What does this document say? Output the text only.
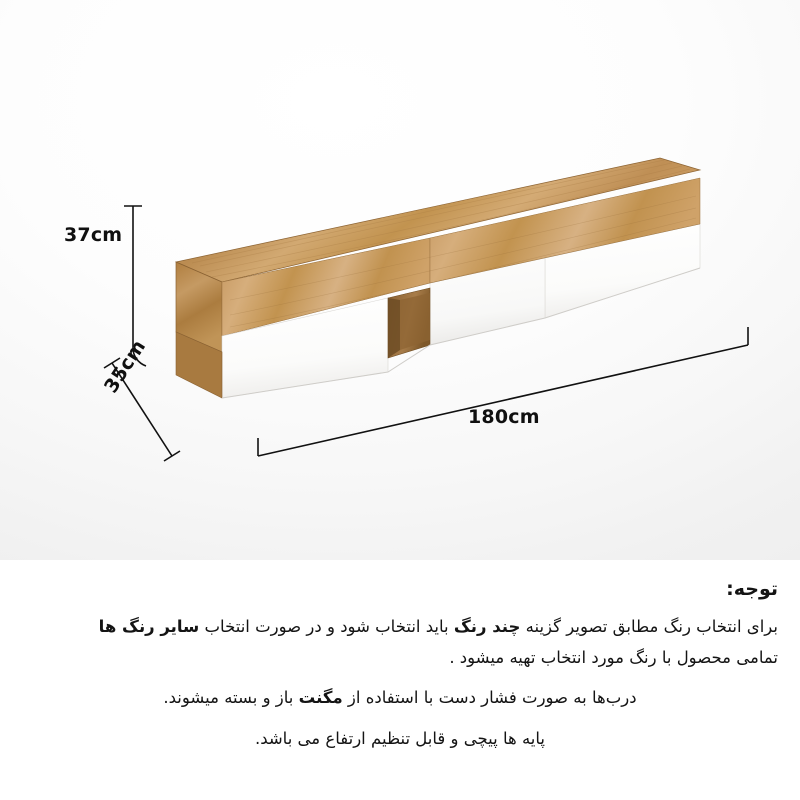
37cm
35cm
180cm
توجه:
برای انتخاب رنگ مطابق تصویر گزینه چند رنگ باید انتخاب شود و در صورت انتخاب سایر رنگ ها
تمامی محصول با رنگ مورد انتخاب تهیه میشود .
درب‌ها به صورت فشار دست با استفاده از مگنت باز و بسته میشوند.
پایه ها پیچی و قابل تنظیم ارتفاع می باشد.
